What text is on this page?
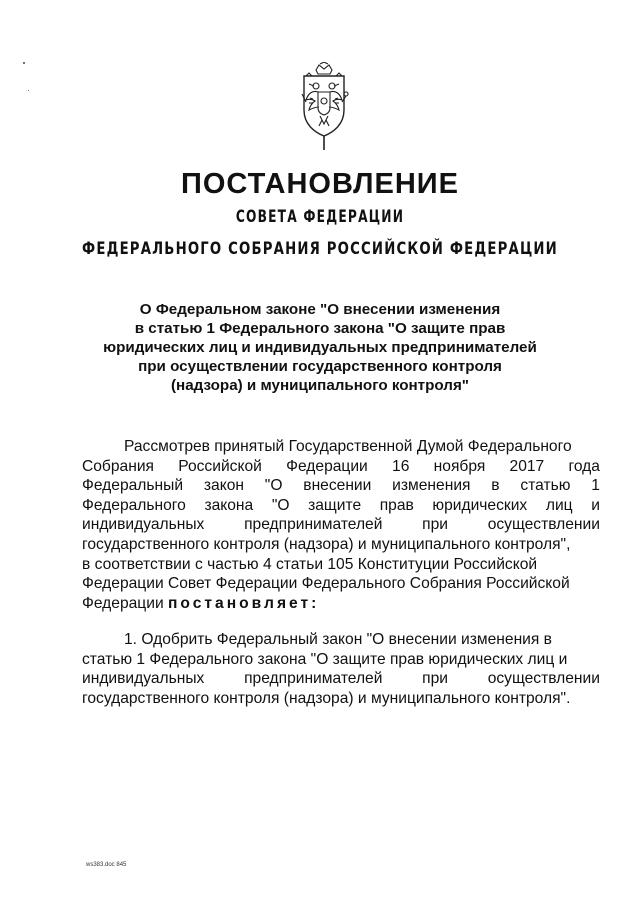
ПОСТАНОВЛЕНИЕ
СОВЕТА ФЕДЕРАЦИИ
ФЕДЕРАЛЬНОГО СОБРАНИЯ РОССИЙСКОЙ ФЕДЕРАЦИИ
О Федеральном законе "О внесении изменения
в статью 1 Федерального закона "О защите прав
юридических лиц и индивидуальных предпринимателей
при осуществлении государственного контроля
(надзора) и муниципального контроля"
Рассмотрев принятый Государственной Думой Федерального
Собрания Российской Федерации 16 ноября 2017 года
Федеральный закон "О внесении изменения в статью 1
Федерального закона "О защите прав юридических лиц и
индивидуальных	предпринимателей	при	осуществлении
государственного контроля (надзора) и муниципального контроля",
в соответствии с частью 4 статьи 105 Конституции Российской
Федерации Совет Федерации Федерального Собрания Российской
Федерации постановляет:
1. Одобрить Федеральный закон "О внесении изменения в
статью 1 Федерального закона "О защите прав юридических лиц и
индивидуальных	предпринимателей	при	осуществлении
государственного контроля (надзора) и муниципального контроля".
ws383.doc 845
